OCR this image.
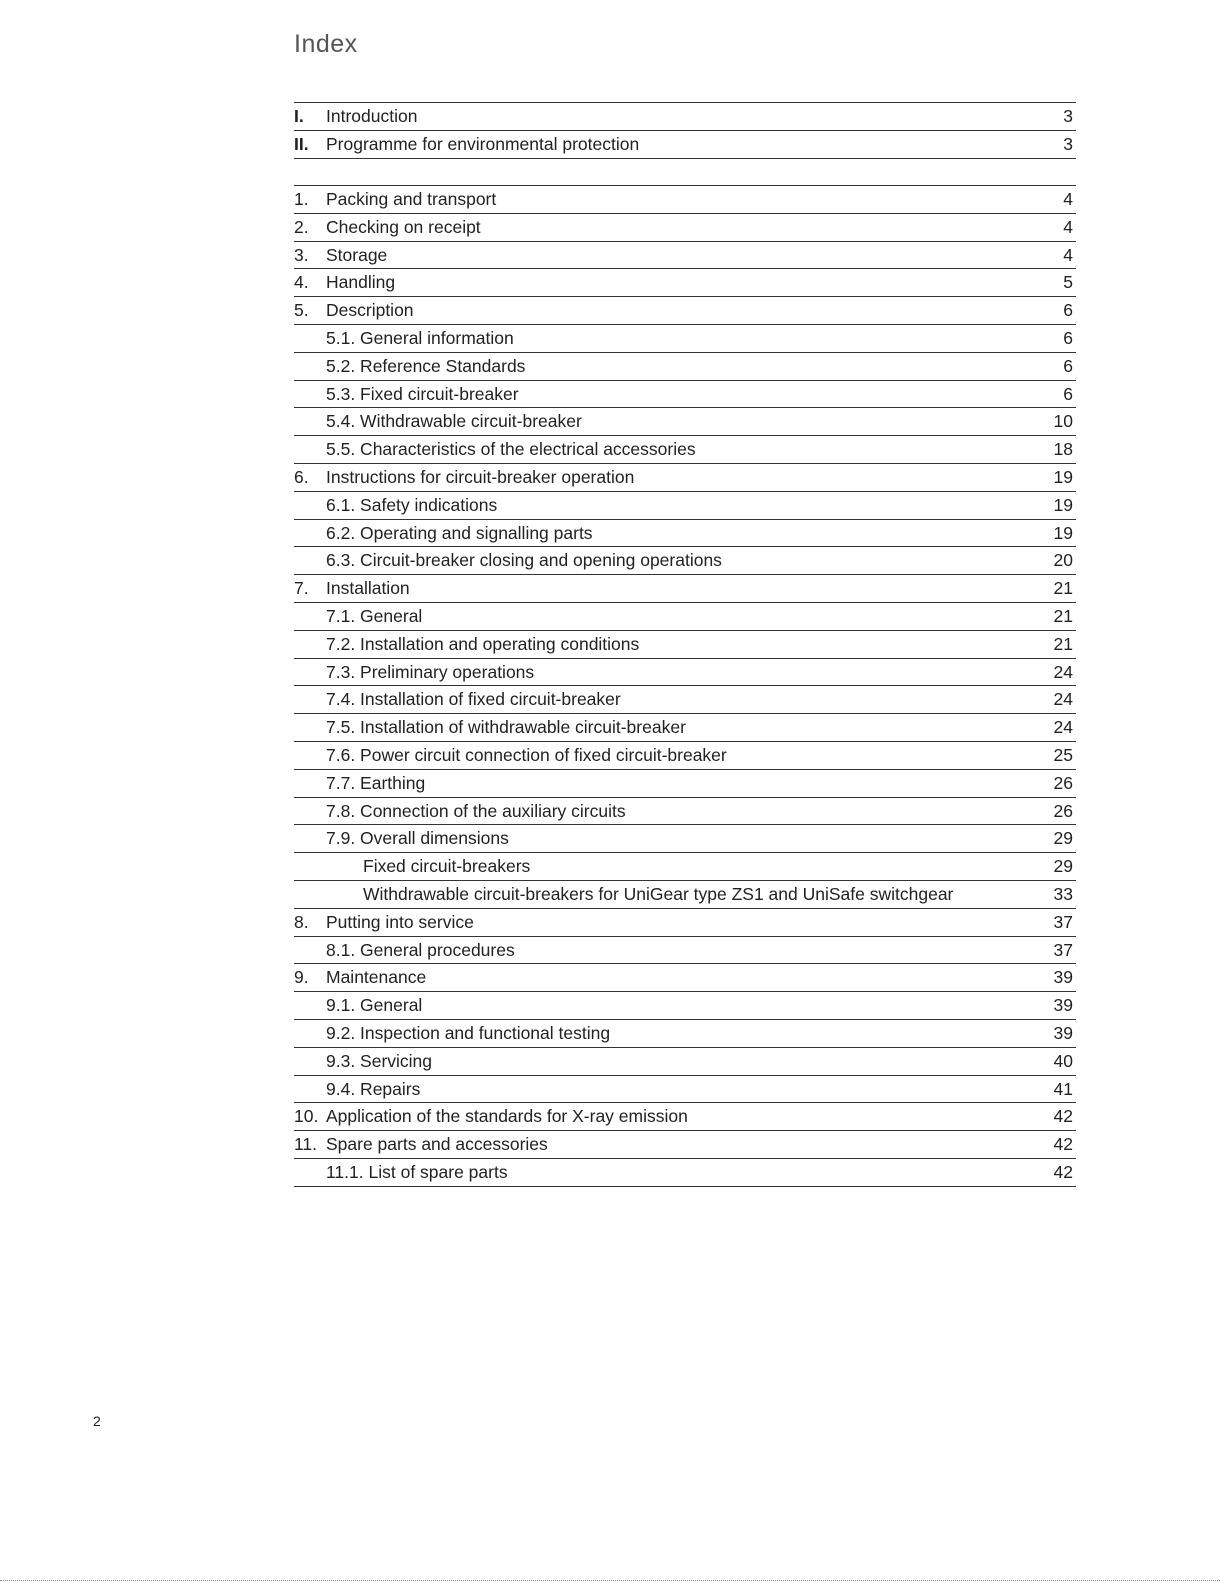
Index
I. Introduction	3
II. Programme for environmental protection	3
1. Packing and transport	4
2. Checking on receipt	4
3. Storage	4
4. Handling	5
5. Description	6
5.1. General information	6
5.2. Reference Standards	6
5.3. Fixed circuit-breaker	6
5.4. Withdrawable circuit-breaker	10
5.5. Characteristics of the electrical accessories	18
6. Instructions for circuit-breaker operation	19
6.1. Safety indications	19
6.2. Operating and signalling parts	19
6.3. Circuit-breaker closing and opening operations	20
7. Installation	21
7.1. General	21
7.2. Installation and operating conditions	21
7.3. Preliminary operations	24
7.4. Installation of fixed circuit-breaker	24
7.5. Installation of withdrawable circuit-breaker	24
7.6. Power circuit connection of fixed circuit-breaker	25
7.7. Earthing	26
7.8. Connection of the auxiliary circuits	26
7.9. Overall dimensions	29
Fixed circuit-breakers	29
Withdrawable circuit-breakers for UniGear type ZS1 and UniSafe switchgear	33
8. Putting into service	37
8.1. General procedures	37
9. Maintenance	39
9.1. General	39
9.2. Inspection and functional testing	39
9.3. Servicing	40
9.4. Repairs	41
10. Application of the standards for X-ray emission	42
11. Spare parts and accessories	42
11.1. List of spare parts	42
2
